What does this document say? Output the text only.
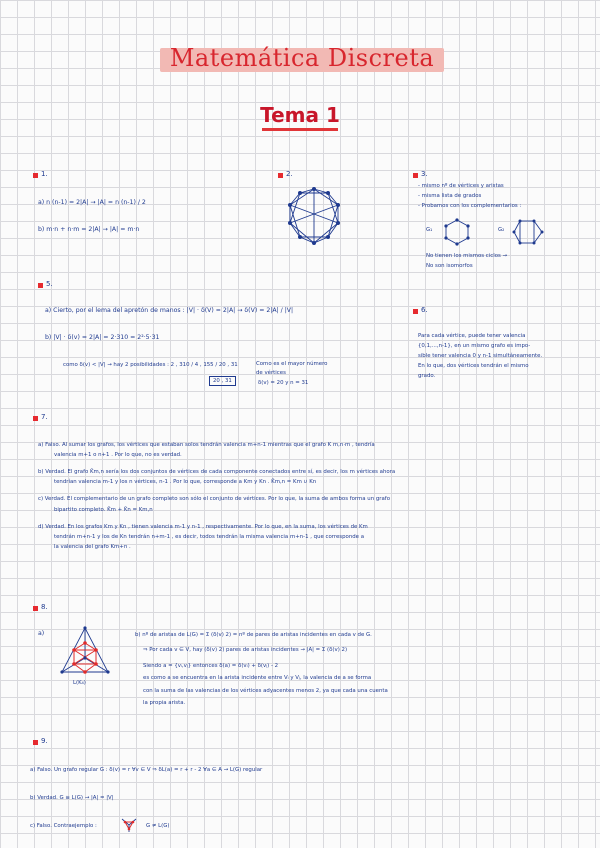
Matemática Discreta
Tema 1
1.
a) n (n-1) = 2|A| → |A| = n (n-1) / 2
b) m·n + n·m = 2|A| → |A| = m·n
2.	3.
- mismo nº de vértices y aristas
- misma lista de grados
- Probamos con los complementarios :
G₁	G₂
No tienen los mismos ciclos →
No son isomorfos
5.
a) Cierto, por el lema del apretón de manos : |V| · δ(V) = 2|A| → δ(V) = 2|A| / |V|
b) |V| · δ(v) = 2|A| = 2·310 = 2²·5·31
como δ(v) < |V| → hay 2 posibilidades : 2 , 310 / 4 , 155 / 20 , 31
20 , 31
Como es el mayor número
de vértices
δ(v) = 20 y n = 31
6.
Para cada vértice, puede tener valencia
{0,1,...,n-1}, en un mismo grafo es impo-
sible tener valencia 0 y n-1 simultáneamente.
En lo que, dos vértices tendrán el mismo
grado.
7.
a) Falso. Al sumar los grafos, los vértices que estaban solos tendrán valencia m+n-1 mientras que el grafo K m,n·m , tendría
valencia m+1 o n+1 . Por lo que, no es verdad.
b) Verdad. El grafo K̄m,n sería los dos conjuntos de vértices de cada componente conectados entre sí, es decir, los m vértices ahora
tendrían valencia m-1 y los n vértices, n-1 . Por lo que, corresponde a Km y Kn . K̄m,n = Km ∪ Kn
c) Verdad. El complementario de un grafo completo son sólo el conjunto de vértices. Por lo que, la suma de ambos forma un grafo
bipartito completo. K̄m + K̄n = Km,n
d) Verdad. En los grafos Km y Kn , tienen valencia m-1 y n-1 , respectivamente. Por lo que, en la suma, los vértices de Km
tendrán m+n-1 y los de Kn tendrán n+m-1 , es decir, todos tendrán la misma valencia m+n-1 , que corresponde a
la valencia del grafo Km+n .
8.
a)
L(K₄)
b) nº de aristas de L(G) = Σ (δ(v) 2) = nº de pares de aristas incidentes en cada v de G.
⇒ Por cada v ∈ V, hay (δ(v) 2) pares de aristas incidentes → |A| = Σ (δ(v) 2)
Siendo a = {vᵢ,vⱼ} entonces δ(a) = δ(vᵢ) + δ(vⱼ) - 2
es como a se encuentra en la arista incidente entre Vᵢ y Vⱼ, la valencia de a se forma
con la suma de las valencias de los vértices adyacentes menos 2, ya que cada una cuenta
la propia arista.
9.
a) Falso. Un grafo regular G : δ(v) = r ∀v ∈ V ⇒ δL(a) = r + r - 2 ∀a ∈ A → L(G) regular
b) Verdad. G ≅ L(G) → |A| = |V|
c) Falso. Contraejemplo :	G ≠ L(G)
